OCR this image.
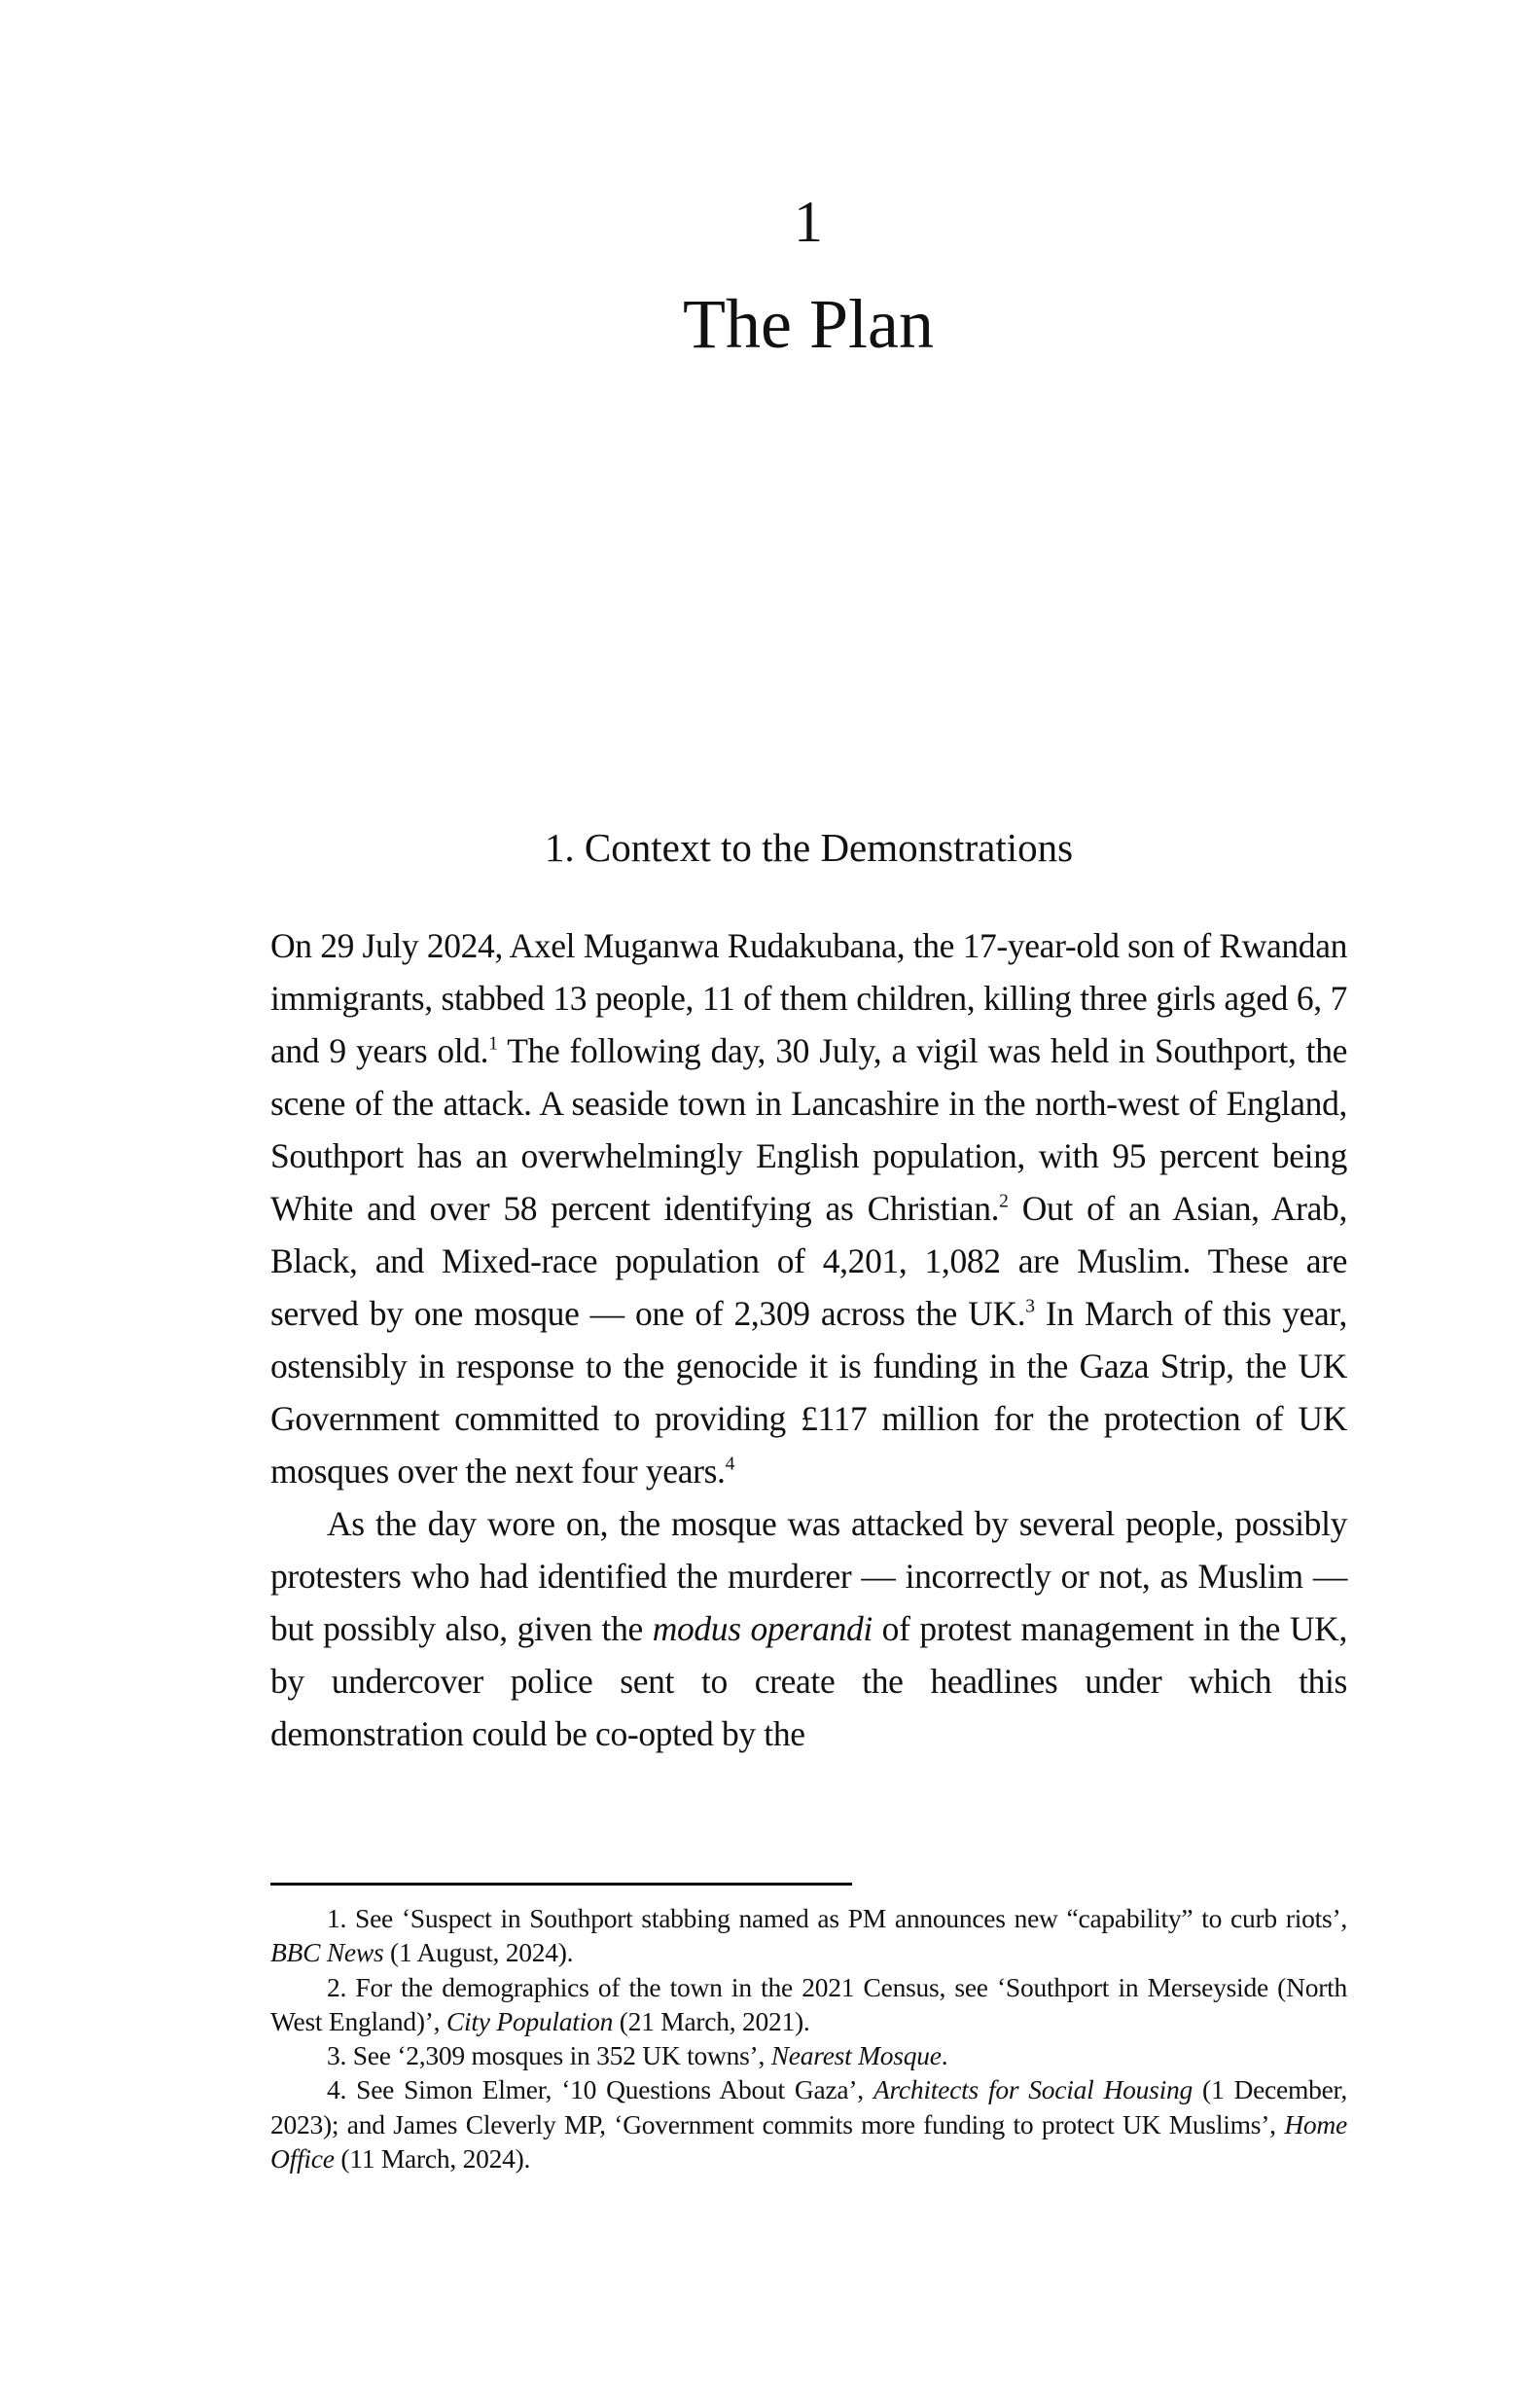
1
The Plan
1. Context to the Demonstrations

On 29 July 2024, Axel Muganwa Rudakubana, the 17-year-old son of Rwandan immigrants, stabbed 13 people, 11 of them children, killing three girls aged 6, 7 and 9 years old.$^1$ The following day, 30 July, a vigil was held in Southport, the scene of the attack. A seaside town in Lancashire in the north-west of England, Southport has an overwhelmingly English population, with 95 percent being White and over 58 percent identifying as Christian.$^2$ Out of an Asian, Arab, Black, and Mixed-race population of 4,201, 1,082 are Muslim. These are served by one mosque — one of 2,309 across the UK.$^3$ In March of this year, ostensibly in response to the genocide it is funding in the Gaza Strip, the UK Government committed to providing £117 million for the protection of UK mosques over the next four years.$^4$

As the day wore on, the mosque was attacked by several people, possibly protesters who had identified the murderer — incorrectly or not, as Muslim — but possibly also, given the modus operandi of protest management in the UK, by undercover police sent to create the headlines under which this demonstration could be co-opted by the

1. See ‘Suspect in Southport stabbing named as PM announces new “capability” to curb riots’, BBC News (1 August, 2024).

2. For the demographics of the town in the 2021 Census, see ‘Southport in Merseyside (North West England)’, City Population (21 March, 2021).

3. See ‘2,309 mosques in 352 UK towns’, Nearest Mosque.

4. See Simon Elmer, ‘10 Questions About Gaza’, Architects for Social Housing (1 December, 2023); and James Cleverly MP, ‘Government commits more funding to protect UK Muslims’, Home Office (11 March, 2024).
